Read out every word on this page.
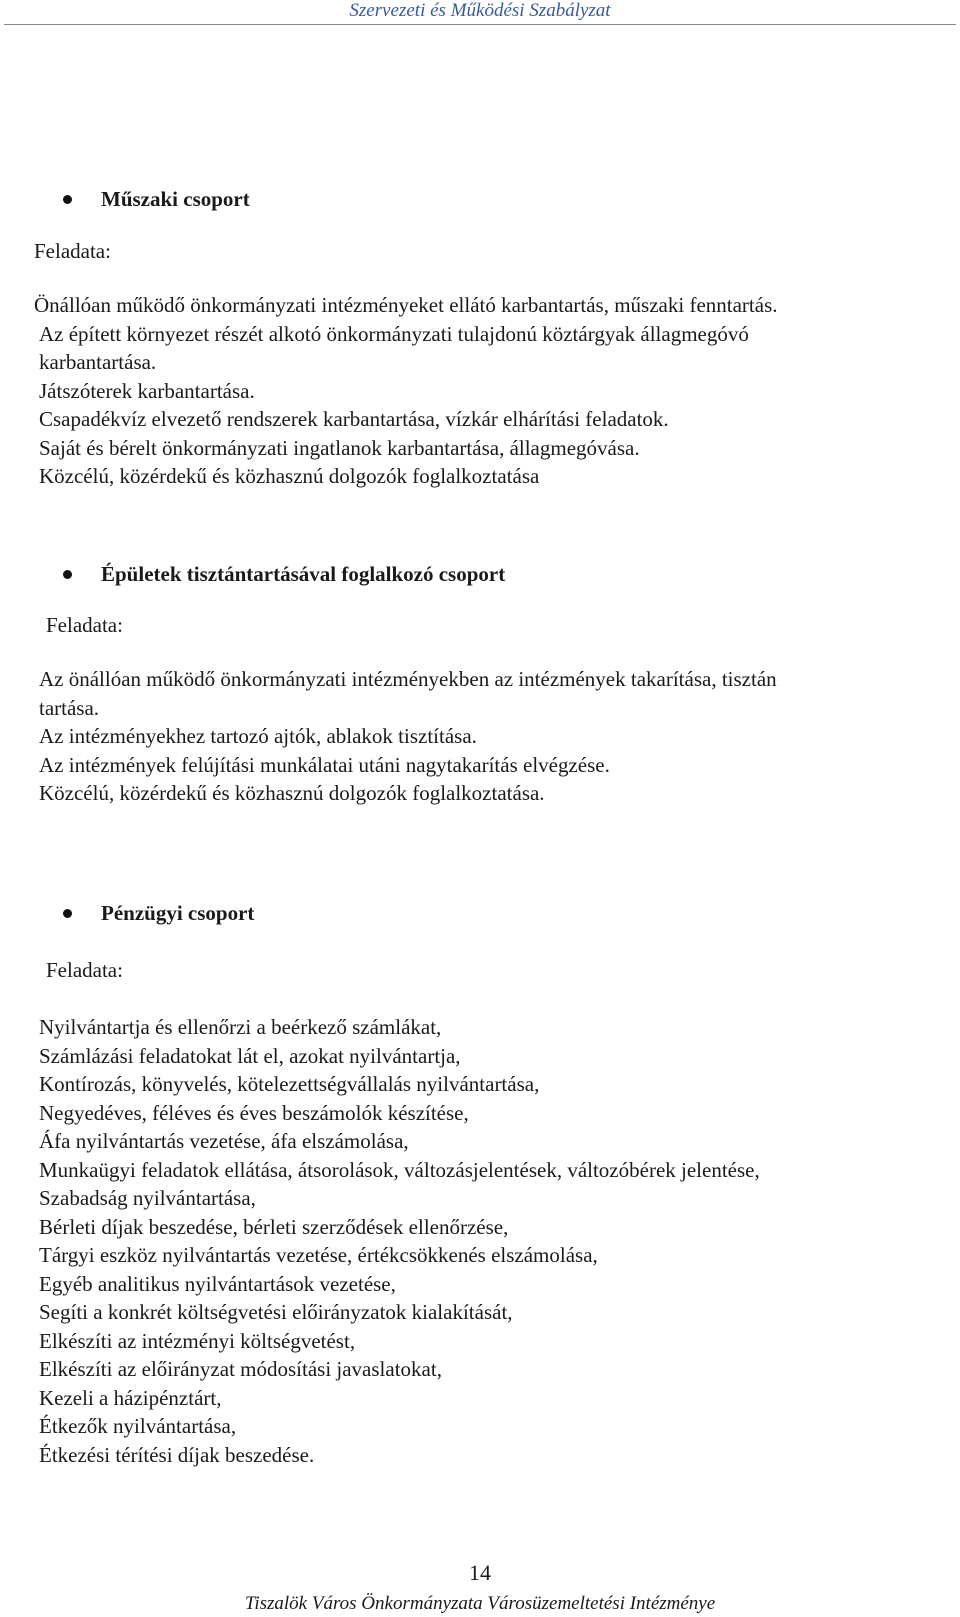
Szervezeti és Működési Szabályzat
Műszaki csoport
Feladata:
Önállóan működő önkormányzati intézményeket ellátó karbantartás, műszaki fenntartás.
Az épített környezet részét alkotó önkormányzati tulajdonú köztárgyak állagmegóvó
karbantartása.
Játszóterek karbantartása.
Csapadékvíz elvezető rendszerek karbantartása, vízkár elhárítási feladatok.
Saját és bérelt önkormányzati ingatlanok karbantartása, állagmegóvása.
Közcélú, közérdekű és közhasznú dolgozók foglalkoztatása
Épületek tisztántartásával foglalkozó csoport
Feladata:
Az önállóan működő önkormányzati intézményekben az intézmények takarítása, tisztán
tartása.
Az intézményekhez tartozó ajtók, ablakok tisztítása.
Az intézmények felújítási munkálatai utáni nagytakarítás elvégzése.
Közcélú, közérdekű és közhasznú dolgozók foglalkoztatása.
Pénzügyi csoport
Feladata:
Nyilvántartja és ellenőrzi a beérkező számlákat,
Számlázási feladatokat lát el, azokat nyilvántartja,
Kontírozás, könyvelés, kötelezettségvállalás nyilvántartása,
Negyedéves, féléves és éves beszámolók készítése,
Áfa nyilvántartás vezetése, áfa elszámolása,
Munkaügyi feladatok ellátása, átsorolások, változásjelentések, változóbérek jelentése,
Szabadság nyilvántartása,
Bérleti díjak beszedése, bérleti szerződések ellenőrzése,
Tárgyi eszköz nyilvántartás vezetése, értékcsökkenés elszámolása,
Egyéb analitikus nyilvántartások vezetése,
Segíti a konkrét költségvetési előirányzatok kialakítását,
Elkészíti az intézményi költségvetést,
Elkészíti az előirányzat módosítási javaslatokat,
Kezeli a házipénztárt,
Étkezők nyilvántartása,
Étkezési térítési díjak beszedése.
14
Tiszalök Város Önkormányzata Városüzemeltetési Intézménye
